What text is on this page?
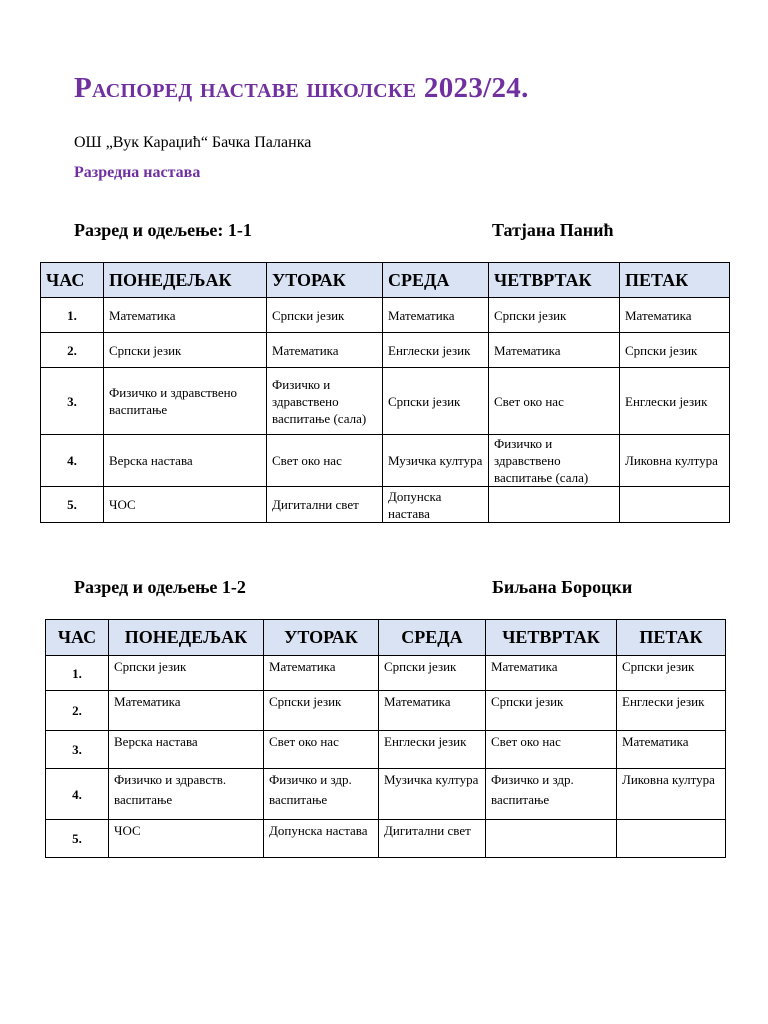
Распоред наставе школске 2023/24.
ОШ „Вук Караџић“ Бачка Паланка
Разредна настава
Разред и одељење: 1-1	Татјана Панић
ЧАС	ПОНЕДЕЉАК	УТОРАК	СРЕДА	ЧЕТВРТАК	ПЕТАК
1.	Математика	Српски језик	Математика	Српски језик	Математика
2.	Српски језик	Математика	Енглески језик	Математика	Српски језик
3.	Физичко и здравствено васпитање	Физичко и здравствено васпитање (сала)	Српски језик	Свет око нас	Енглески језик
4.	Верска настава	Свет око нас	Музичка култура	Физичко и здравствено васпитање (сала)	Ликовна култура
5.	ЧОС	Дигитални свет	Допунска настава		
Разред и одељење 1-2	Биљана Бороцки
ЧАС	ПОНЕДЕЉАК	УТОРАК	СРЕДА	ЧЕТВРТАК	ПЕТАК
1.	Српски језик	Математика	Српски језик	Математика	Српски језик
2.	Математика	Српски језик	Математика	Српски језик	Енглески језик
3.	Верска настава	Свет око нас	Енглески језик	Свет око нас	Математика
4.	Физичко и здравств. васпитање	Физичко и здр. васпитање	Музичка култура	Физичко и здр. васпитање	Ликовна култура
5.	ЧОС	Допунска настава	Дигитални свет		
